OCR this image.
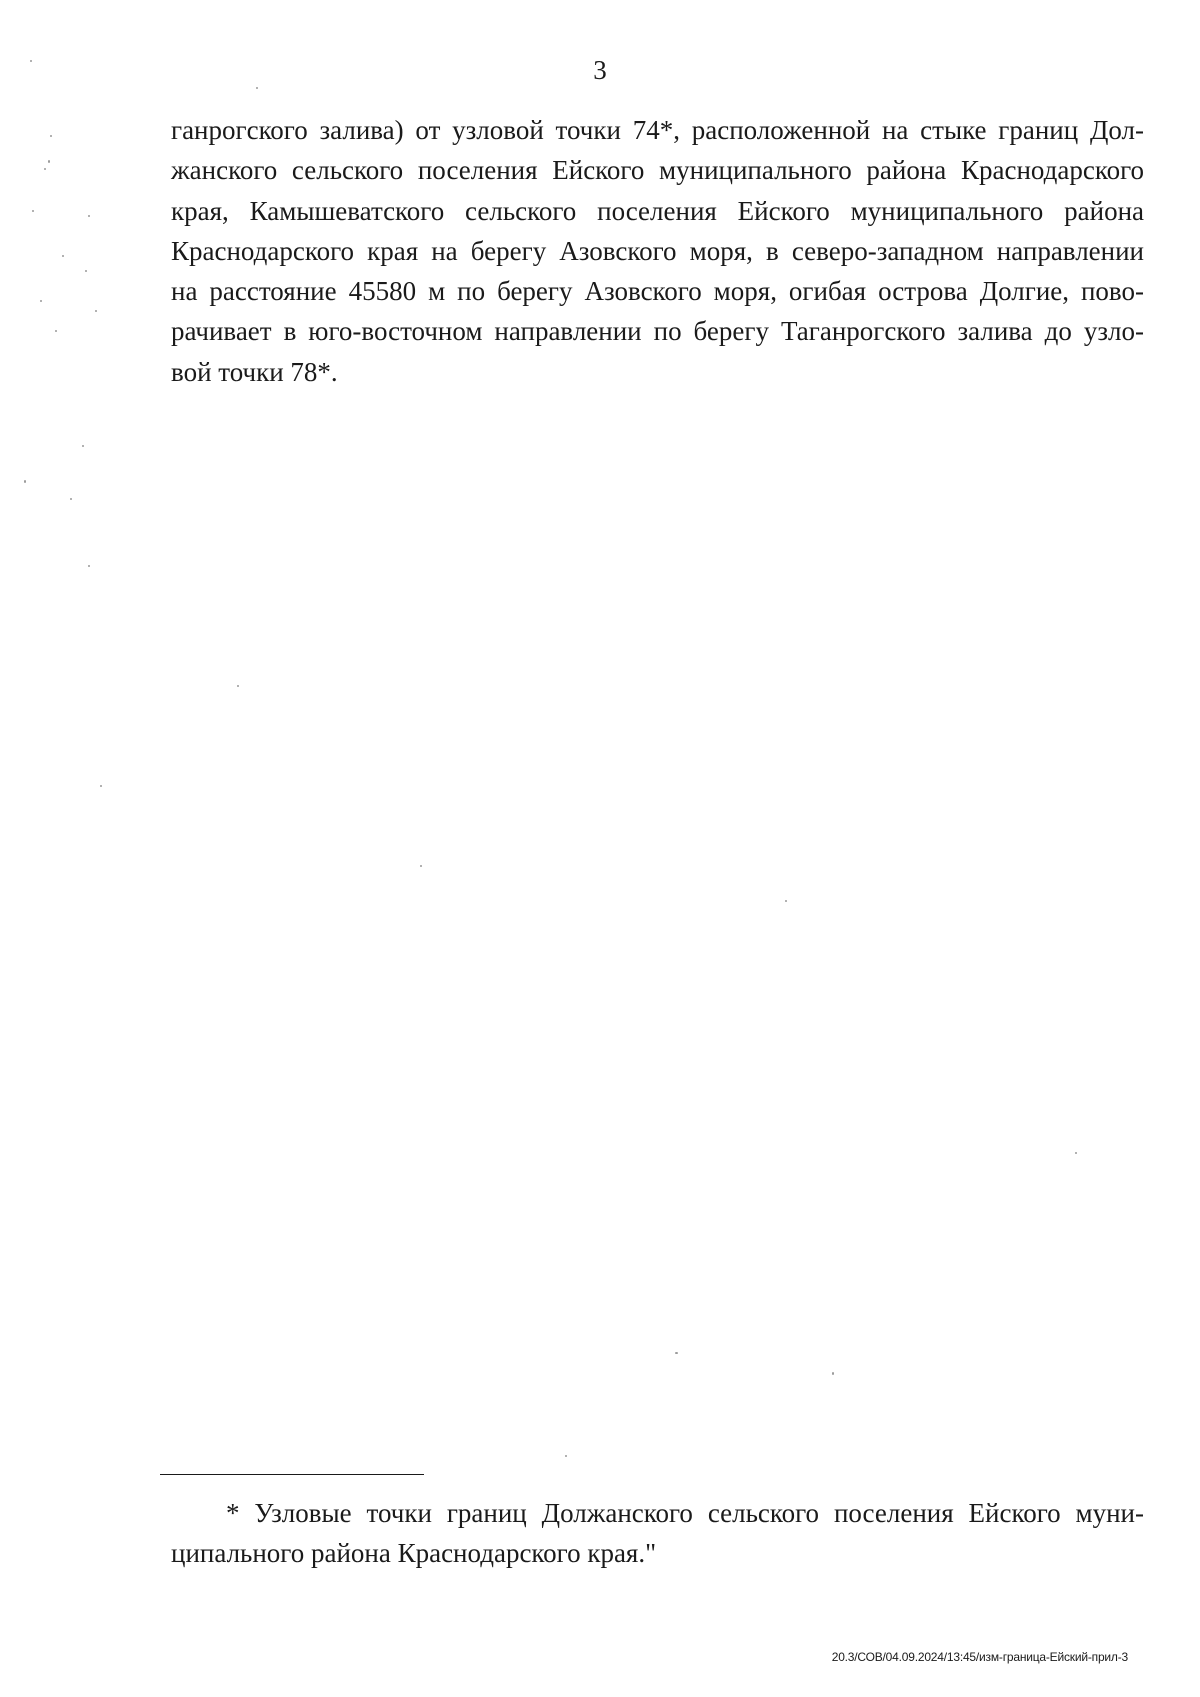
3
ганрогского залива) от узловой точки 74*, расположенной на стыке границ Дол-
жанского сельского поселения Ейского муниципального района Краснодарского
края, Камышеватского сельского поселения Ейского муниципального района
Краснодарского края на берегу Азовского моря, в северо-западном направлении
на расстояние 45580 м по берегу Азовского моря, огибая острова Долгие, пово-
рачивает в юго-восточном направлении по берегу Таганрогского залива до узло-
вой точки 78*.
* Узловые точки границ Должанского сельского поселения Ейского муни-
ципального района Краснодарского края."
20.3/СОВ/04.09.2024/13:45/изм-граница-Ейский-прил-3
